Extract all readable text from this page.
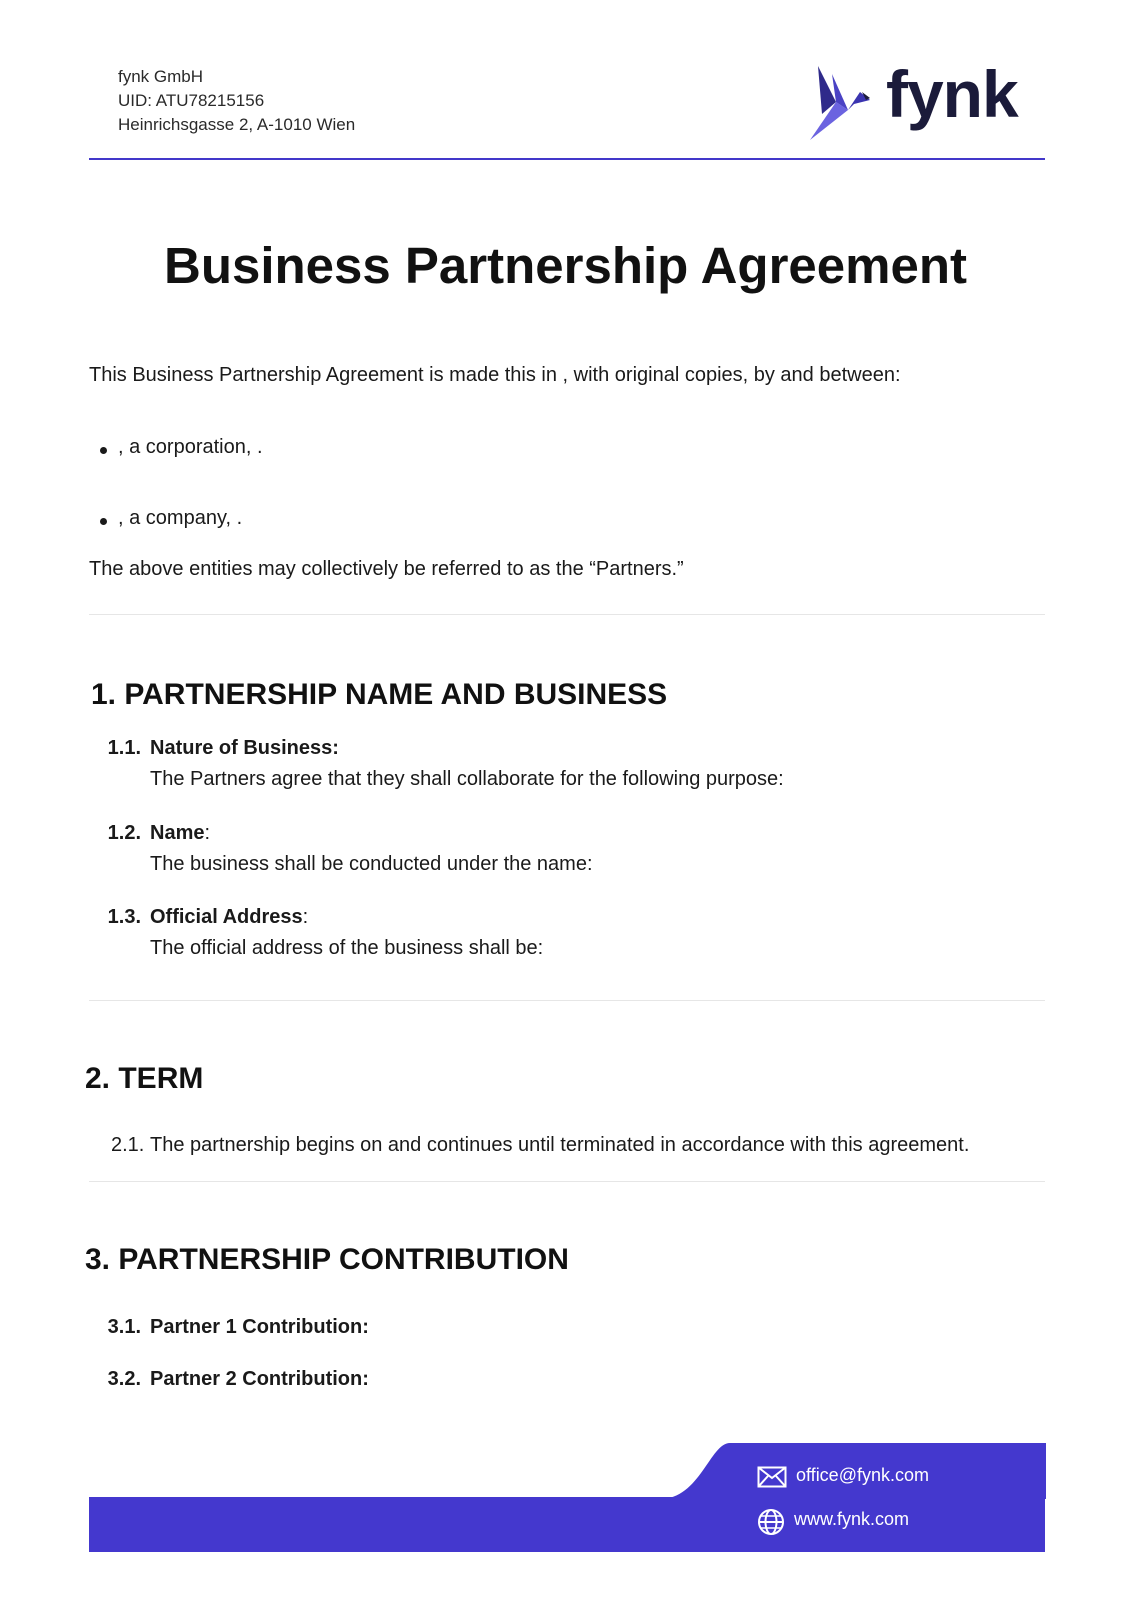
fynk GmbH
UID: ATU78215156
Heinrichsgasse 2, A-1010 Wien	fynk
Business Partnership Agreement
This Business Partnership Agreement is made this in , with original copies, by and between:
, a corporation, .
, a company, .
The above entities may collectively be referred to as the “Partners.”
1. PARTNERSHIP NAME AND BUSINESS
1.1. Nature of Business:
The Partners agree that they shall collaborate for the following purpose:
1.2. Name:
The business shall be conducted under the name:
1.3. Official Address:
The official address of the business shall be:
2. TERM
2.1. The partnership begins on and continues until terminated in accordance with this agreement.
3. PARTNERSHIP CONTRIBUTION
3.1. Partner 1 Contribution:
3.2. Partner 2 Contribution:
office@fynk.com
www.fynk.com
